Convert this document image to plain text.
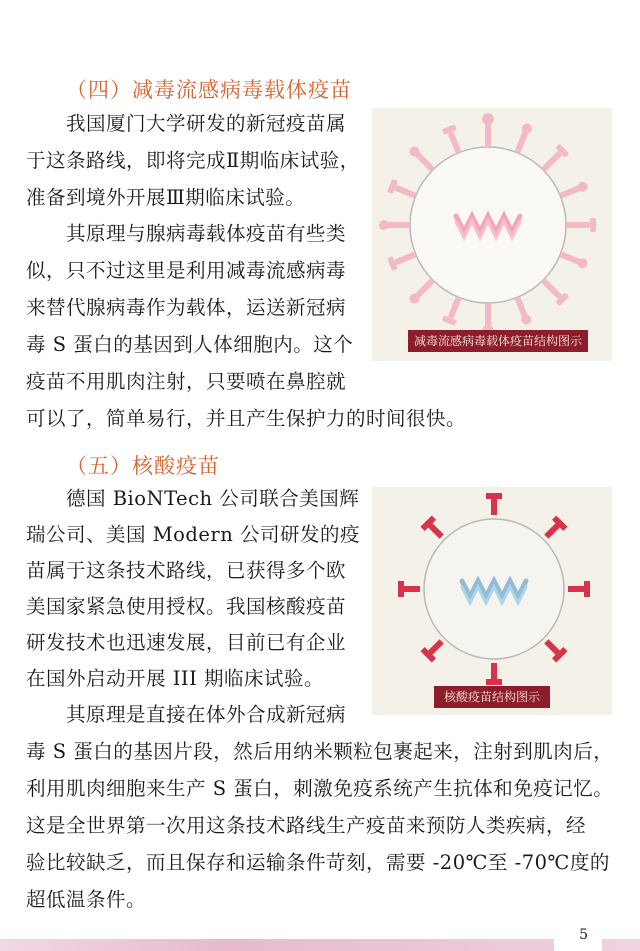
（四）减毒流感病毒载体疫苗
我国厦门大学研发的新冠疫苗属
于这条路线，即将完成Ⅱ期临床试验，
准备到境外开展Ⅲ期临床试验。
其原理与腺病毒载体疫苗有些类
似，只不过这里是利用减毒流感病毒
来替代腺病毒作为载体，运送新冠病
毒 S 蛋白的基因到人体细胞内。这个
疫苗不用肌肉注射，只要喷在鼻腔就
可以了，简单易行，并且产生保护力的时间很快。
减毒流感病毒载体疫苗结构图示
（五）核酸疫苗
德国 BioNTech 公司联合美国辉
瑞公司、美国 Modern 公司研发的疫
苗属于这条技术路线，已获得多个欧
美国家紧急使用授权。我国核酸疫苗
研发技术也迅速发展，目前已有企业
在国外启动开展 III 期临床试验。
其原理是直接在体外合成新冠病
毒 S 蛋白的基因片段，然后用纳米颗粒包裹起来，注射到肌肉后，
利用肌肉细胞来生产 S 蛋白，刺激免疫系统产生抗体和免疫记忆。
这是全世界第一次用这条技术路线生产疫苗来预防人类疾病，经
验比较缺乏，而且保存和运输条件苛刻，需要 -20℃至 -70℃度的
超低温条件。
核酸疫苗结构图示
5
